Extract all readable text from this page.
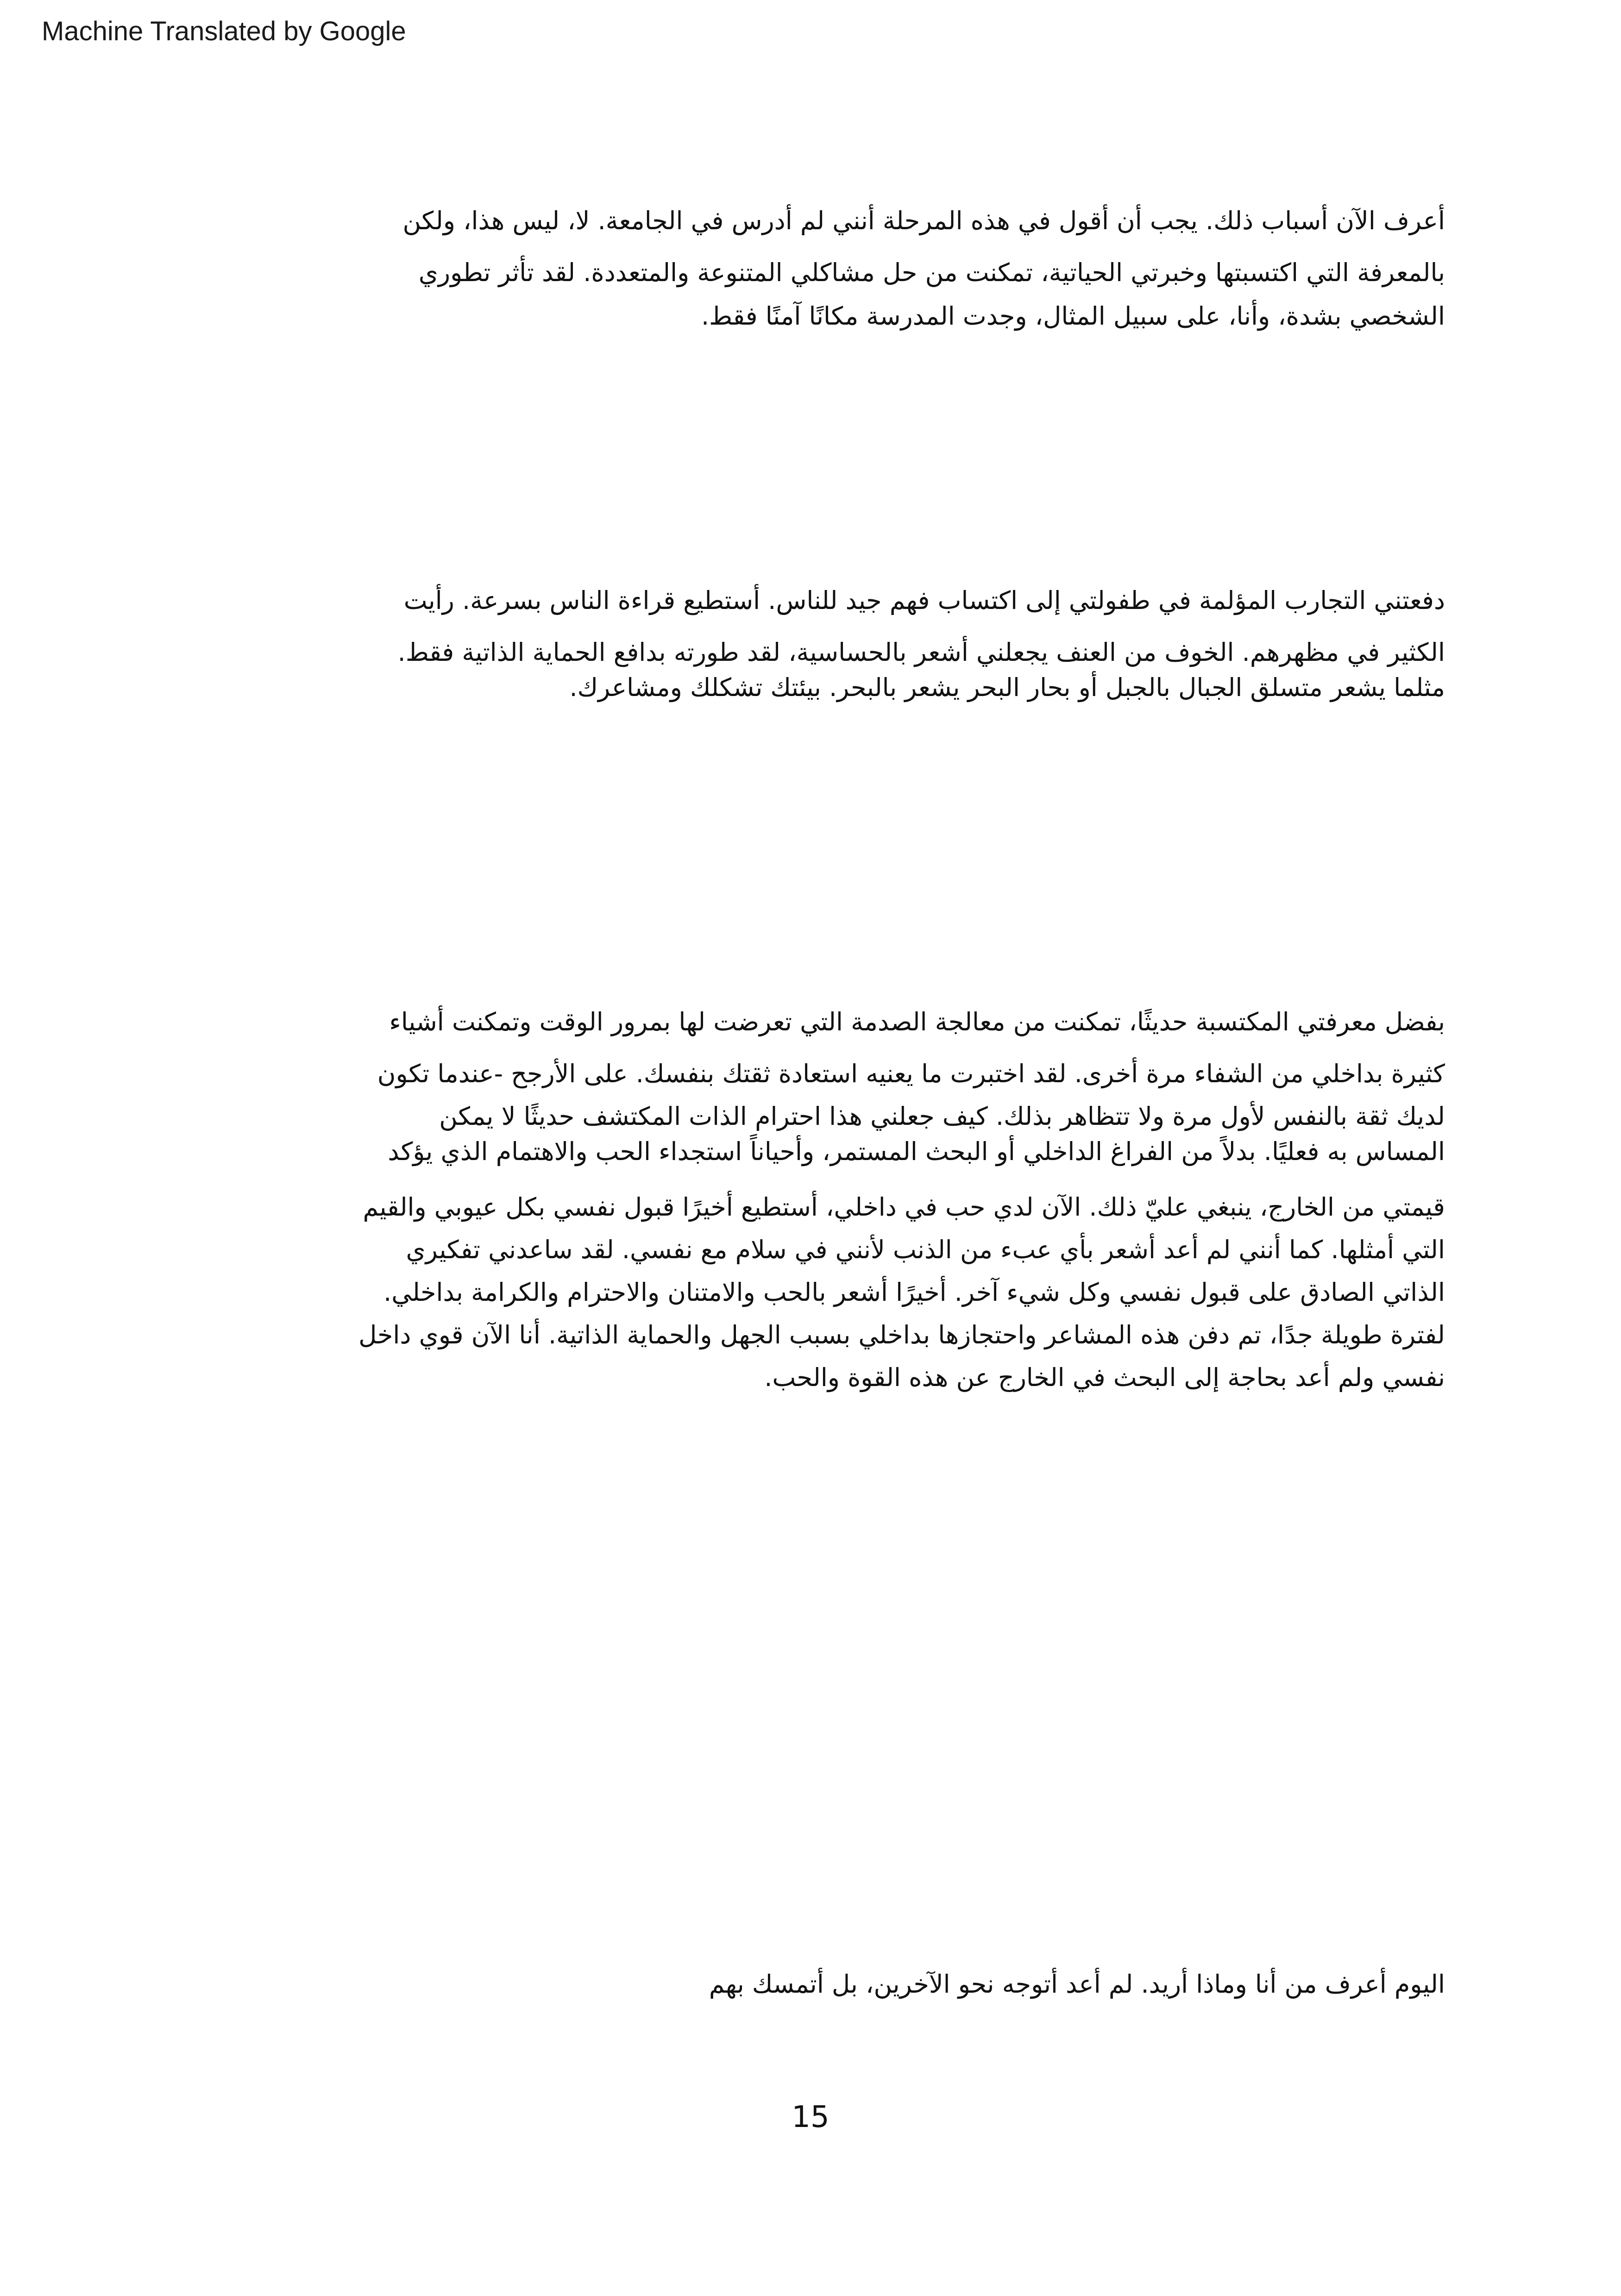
Machine Translated by Google
أعرف الآن أسباب ذلك. يجب أن أقول في هذه المرحلة أنني لم أدرس في الجامعة. لا، ليس هذا، ولكن
بالمعرفة التي اكتسبتها وخبرتي الحياتية، تمكنت من حل مشاكلي المتنوعة والمتعددة. لقد تأثر تطوري
الشخصي بشدة، وأنا، على سبيل المثال، وجدت المدرسة مكانًا آمنًا فقط.
دفعتني التجارب المؤلمة في طفولتي إلى اكتساب فهم جيد للناس. أستطيع قراءة الناس بسرعة. رأيت
الكثير في مظهرهم. الخوف من العنف يجعلني أشعر بالحساسية، لقد طورته بدافع الحماية الذاتية فقط.
مثلما يشعر متسلق الجبال بالجبل أو بحار البحر يشعر بالبحر. بيئتك تشكلك ومشاعرك.
بفضل معرفتي المكتسبة حديثًا، تمكنت من معالجة الصدمة التي تعرضت لها بمرور الوقت وتمكنت أشياء
كثيرة بداخلي من الشفاء مرة أخرى. لقد اختبرت ما يعنيه استعادة ثقتك بنفسك. على الأرجح -عندما تكون
لديك ثقة بالنفس لأول مرة ولا تتظاهر بذلك. كيف جعلني هذا احترام الذات المكتشف حديثًا لا يمكن
المساس به فعليًا. بدلاً من الفراغ الداخلي أو البحث المستمر، وأحياناً استجداء الحب والاهتمام الذي يؤكد
قيمتي من الخارج، ينبغي عليّ ذلك. الآن لدي حب في داخلي، أستطيع أخيرًا قبول نفسي بكل عيوبي والقيم
التي أمثلها. كما أنني لم أعد أشعر بأي عبء من الذنب لأنني في سلام مع نفسي. لقد ساعدني تفكيري
الذاتي الصادق على قبول نفسي وكل شيء آخر. أخيرًا أشعر بالحب والامتنان والاحترام والكرامة بداخلي.
لفترة طويلة جدًا، تم دفن هذه المشاعر واحتجازها بداخلي بسبب الجهل والحماية الذاتية. أنا الآن قوي داخل
نفسي ولم أعد بحاجة إلى البحث في الخارج عن هذه القوة والحب.
اليوم أعرف من أنا وماذا أريد. لم أعد أتوجه نحو الآخرين، بل أتمسك بهم
15
